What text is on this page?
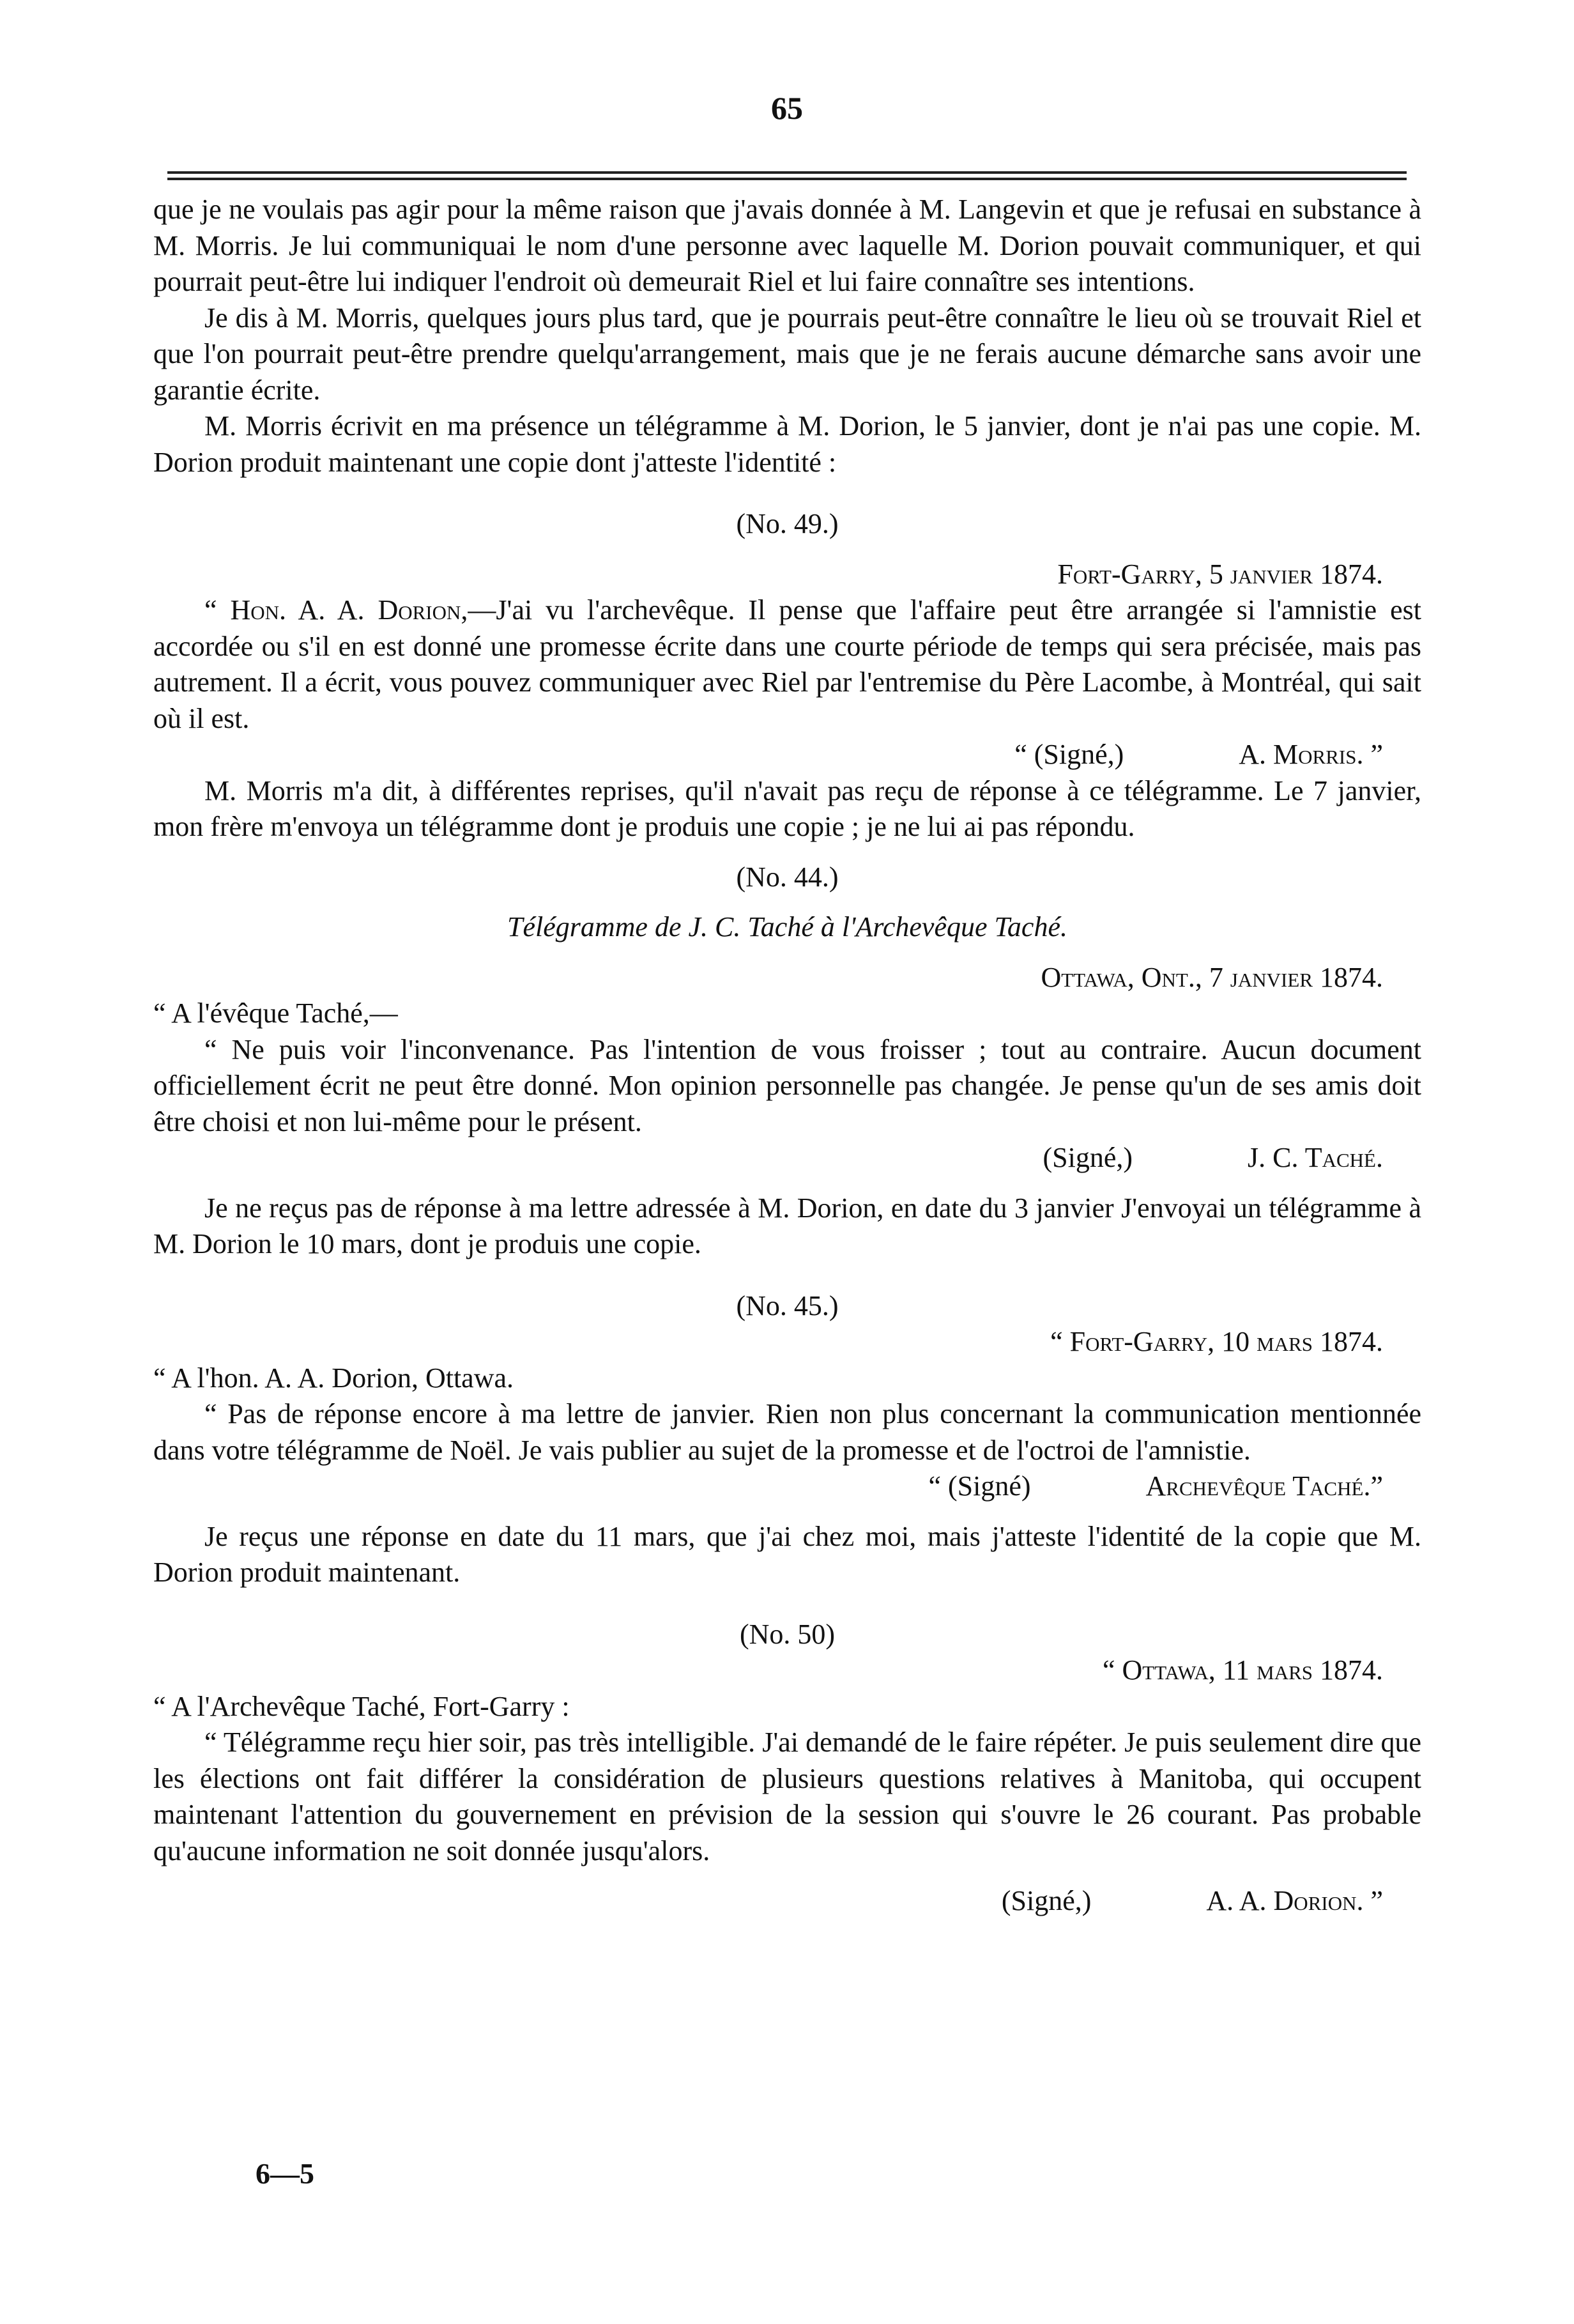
65

que je ne voulais pas agir pour la même raison que j'avais donnée à M. Langevin et que je refusai en substance à M. Morris. Je lui communiquai le nom d'une personne avec laquelle M. Dorion pouvait communiquer, et qui pourrait peut-être lui indiquer l'endroit où demeurait Riel et lui faire connaître ses intentions.

Je dis à M. Morris, quelques jours plus tard, que je pourrais peut-être connaître le lieu où se trouvait Riel et que l'on pourrait peut-être prendre quelqu'arrangement, mais que je ne ferais aucune démarche sans avoir une garantie écrite.

M. Morris écrivit en ma présence un télégramme à M. Dorion, le 5 janvier, dont je n'ai pas une copie. M. Dorion produit maintenant une copie dont j'atteste l'identité :

(No. 49.)

Fort-Garry, 5 janvier 1874.

“ Hon. A. A. Dorion,—J'ai vu l'archevêque. Il pense que l'affaire peut être arrangée si l'amnistie est accordée ou s'il en est donné une promesse écrite dans une courte période de temps qui sera précisée, mais pas autrement. Il a écrit, vous pouvez communiquer avec Riel par l'entremise du Père Lacombe, à Montréal, qui sait où il est.

“ (Signé,)	A. Morris. ”

M. Morris m'a dit, à différentes reprises, qu'il n'avait pas reçu de réponse à ce télégramme. Le 7 janvier, mon frère m'envoya un télégramme dont je produis une copie ; je ne lui ai pas répondu.

(No. 44.)

Télégramme de J. C. Taché à l'Archevêque Taché.

Ottawa, Ont., 7 janvier 1874.

“ A l'évêque Taché,—

“ Ne puis voir l'inconvenance. Pas l'intention de vous froisser ; tout au contraire. Aucun document officiellement écrit ne peut être donné. Mon opinion personnelle pas changée. Je pense qu'un de ses amis doit être choisi et non lui-même pour le présent.

(Signé,)	J. C. Taché.

Je ne reçus pas de réponse à ma lettre adressée à M. Dorion, en date du 3 janvier J'envoyai un télégramme à M. Dorion le 10 mars, dont je produis une copie.

(No. 45.)

“ Fort-Garry, 10 mars 1874.

“ A l'hon. A. A. Dorion, Ottawa.

“ Pas de réponse encore à ma lettre de janvier. Rien non plus concernant la communication mentionnée dans votre télégramme de Noël. Je vais publier au sujet de la promesse et de l'octroi de l'amnistie.

“ (Signé)	Archevêque Taché.”

Je reçus une réponse en date du 11 mars, que j'ai chez moi, mais j'atteste l'identité de la copie que M. Dorion produit maintenant.

(No. 50)

“ Ottawa, 11 mars 1874.

“ A l'Archevêque Taché, Fort-Garry :

“ Télégramme reçu hier soir, pas très intelligible. J'ai demandé de le faire répéter. Je puis seulement dire que les élections ont fait différer la considération de plusieurs questions relatives à Manitoba, qui occupent maintenant l'attention du gouvernement en prévision de la session qui s'ouvre le 26 courant. Pas probable qu'aucune information ne soit donnée jusqu'alors.

(Signé,)	A. A. Dorion. ”

6—5
